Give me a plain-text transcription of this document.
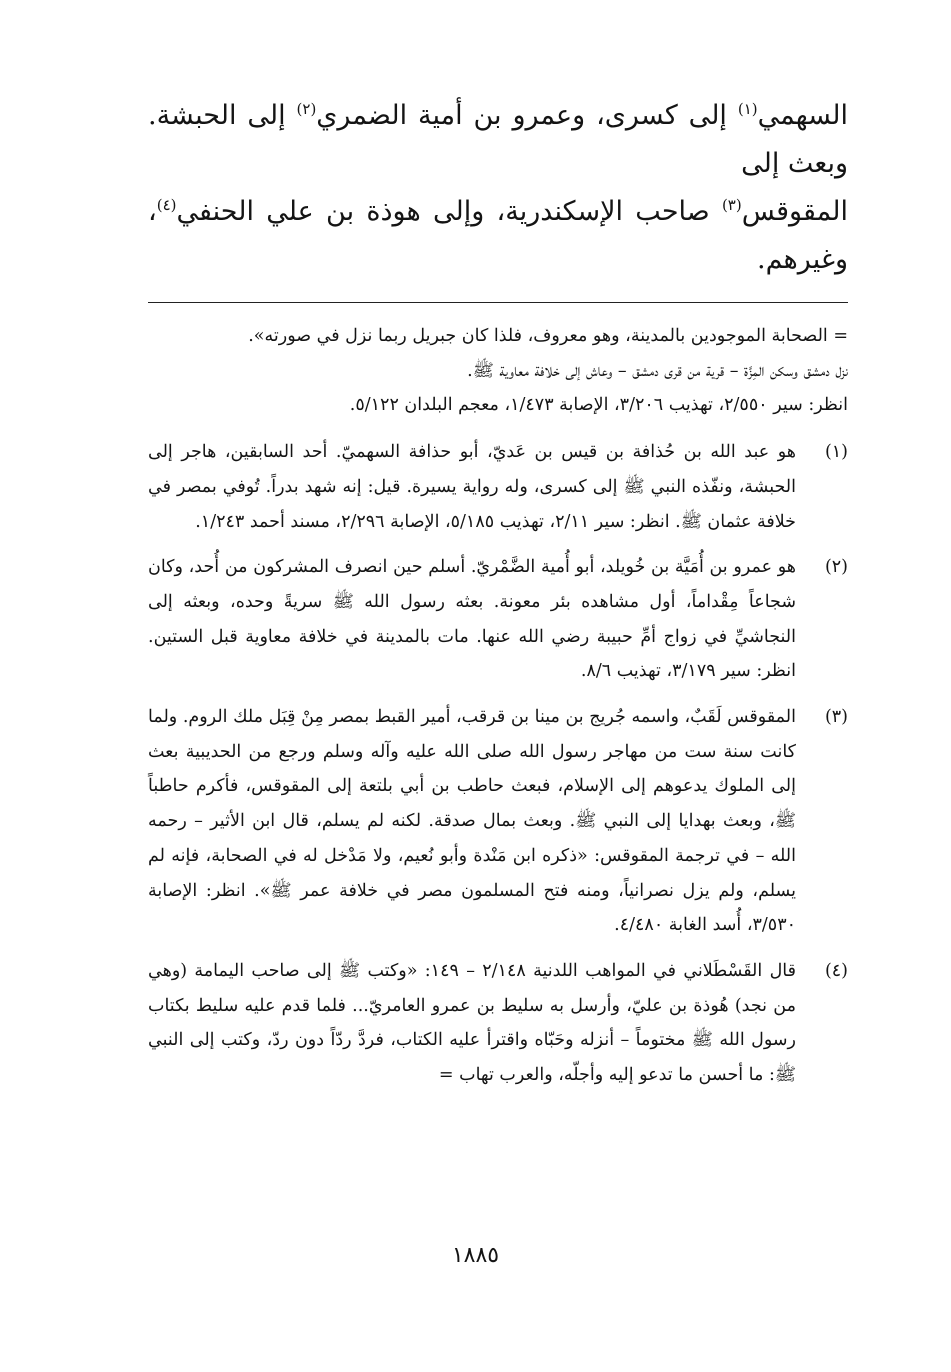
السهمي$^{(١)}$ إلى كسرى، وعمرو بن أمية الضمري$^{(٢)}$ إلى الحبشة. وبعث إلى
المقوقس$^{(٣)}$ صاحب الإسكندرية، وإلى هوذة بن علي الحنفي$^{(٤)}$، وغيرهم.

= الصحابة الموجودين بالمدينة، وهو معروف، فلذا كان جبريل ربما نزل في صورته».

نزل دمشق وسكن المِزَّة – قرية من قرى دمشق – وعاش إلى خلافة معاوية ﷺ.

انظر: سير ٢/٥٥٠، تهذيب ٣/٢٠٦، الإصابة ١/٤٧٣، معجم البلدان ٥/١٢٢.

(١)

هو عبد الله بن حُذافة بن قيس بن عَديّ، أبو حذافة السهميّ. أحد السابقين، هاجر إلى الحبشة، ونفّذه النبي ﷺ إلى كسرى، وله رواية يسيرة. قيل: إنه شهد بدراً. تُوفي بمصر في خلافة عثمان ﷺ. انظر: سير ٢/١١، تهذيب ٥/١٨٥، الإصابة ٢/٢٩٦، مسند أحمد ١/٢٤٣.

(٢)

هو عمرو بن أُمَيَّة بن خُويلد، أبو أُمية الضَّمْريّ. أسلم حين انصرف المشركون من أُحد، وكان شجاعاً مِقْداماً، أول مشاهده بئر معونة. بعثه رسول الله ﷺ سريةً وحده، وبعثه إلى النجاشيِّ في زواج أمِّ حبيبة رضي الله عنها. مات بالمدينة في خلافة معاوية قبل الستين. انظر: سير ٣/١٧٩، تهذيب ٨/٦.

(٣)

المقوقس لَقَبٌ، واسمه جُريج بن مينا بن قرقب، أمير القبط بمصر مِنْ قِبَل ملك الروم. ولما كانت سنة ست من مهاجر رسول الله صلى الله عليه وآله وسلم ورجع من الحديبية بعث إلى الملوك يدعوهم إلى الإسلام، فبعث حاطب بن أبي بلتعة إلى المقوقس، فأكرم حاطباً ﷺ، وبعث بهدايا إلى النبي ﷺ. وبعث بمال صدقة. لكنه لم يسلم، قال ابن الأثير – رحمه الله – في ترجمة المقوقس: «ذكره ابن مَنْدة وأبو نُعيم، ولا مَدْخل له في الصحابة، فإنه لم يسلم، ولم يزل نصرانياً، ومنه فتح المسلمون مصر في خلافة عمر ﷺ». انظر: الإصابة ٣/٥٣٠، أُسد الغابة ٤/٤٨٠.

(٤)

قال القَسْطَلاني في المواهب اللدنية ٢/١٤٨ – ١٤٩: «وكتب ﷺ إلى صاحب اليمامة (وهي من نجد) هُوذة بن عليّ، وأرسل به سليط بن عمرو العامريّ... فلما قدم عليه سليط بكتاب رسول الله ﷺ مختوماً – أنزله وحَبّاه واقترأ عليه الكتاب، فردَّ ردّاً دون ردّ، وكتب إلى النبي ﷺ: ما أحسن ما تدعو إليه وأجلّه، والعرب تهاب =

١٨٨٥
